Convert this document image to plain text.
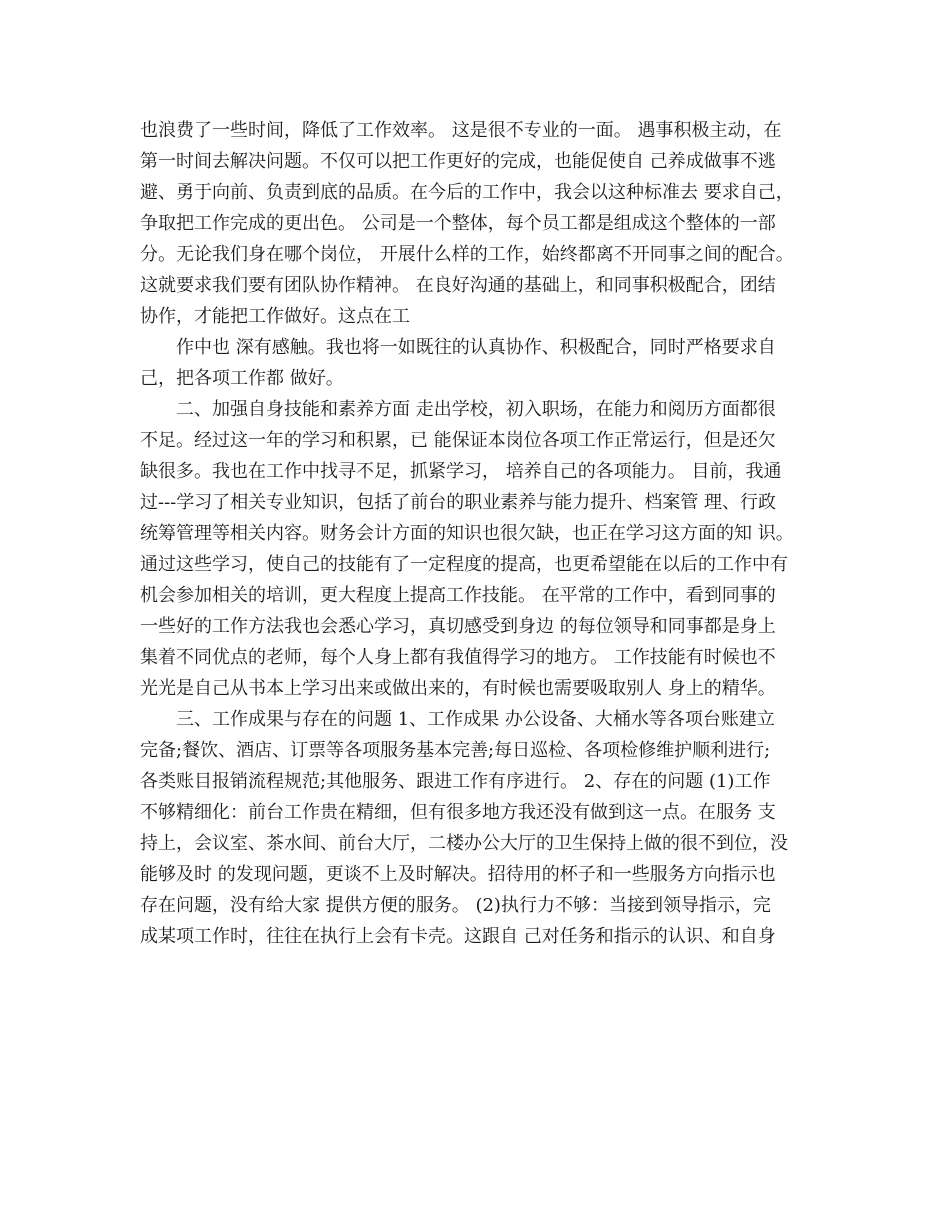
也浪费了一些时间，降低了工作效率。 这是很不专业的一面。 遇事积极主动，在
第一时间去解决问题。不仅可以把工作更好的完成，也能促使自 己养成做事不逃
避、勇于向前、负责到底的品质。在今后的工作中，我会以这种标准去 要求自己，
争取把工作完成的更出色。 公司是一个整体，每个员工都是组成这个整体的一部
分。无论我们身在哪个岗位， 开展什么样的工作，始终都离不开同事之间的配合。
这就要求我们要有团队协作精神。 在良好沟通的基础上，和同事积极配合，团结
协作，才能把工作做好。这点在工
作中也 深有感触。我也将一如既往的认真协作、积极配合，同时严格要求自
己，把各项工作都 做好。
二、加强自身技能和素养方面 走出学校，初入职场，在能力和阅历方面都很
不足。经过这一年的学习和积累，已 能保证本岗位各项工作正常运行，但是还欠
缺很多。我也在工作中找寻不足，抓紧学习， 培养自己的各项能力。 目前，我通
过---学习了相关专业知识，包括了前台的职业素养与能力提升、档案管 理、行政
统筹管理等相关内容。财务会计方面的知识也很欠缺，也正在学习这方面的知 识。
通过这些学习，使自己的技能有了一定程度的提高，也更希望能在以后的工作中有
机会参加相关的培训，更大程度上提高工作技能。 在平常的工作中，看到同事的
一些好的工作方法我也会悉心学习，真切感受到身边 的每位领导和同事都是身上
集着不同优点的老师，每个人身上都有我值得学习的地方。 工作技能有时候也不
光光是自己从书本上学习出来或做出来的，有时候也需要吸取别人 身上的精华。
三、工作成果与存在的问题 1、工作成果 办公设备、大桶水等各项台账建立
完备;餐饮、酒店、订票等各项服务基本完善;每日巡检、各项检修维护顺利进行;
各类账目报销流程规范;其他服务、跟进工作有序进行。 2、存在的问题 (1)工作
不够精细化：前台工作贵在精细，但有很多地方我还没有做到这一点。在服务 支
持上，会议室、茶水间、前台大厅，二楼办公大厅的卫生保持上做的很不到位，没
能够及时 的发现问题，更谈不上及时解决。招待用的杯子和一些服务方向指示也
存在问题，没有给大家 提供方便的服务。 (2)执行力不够：当接到领导指示，完
成某项工作时，往往在执行上会有卡壳。这跟自 己对任务和指示的认识、和自身
